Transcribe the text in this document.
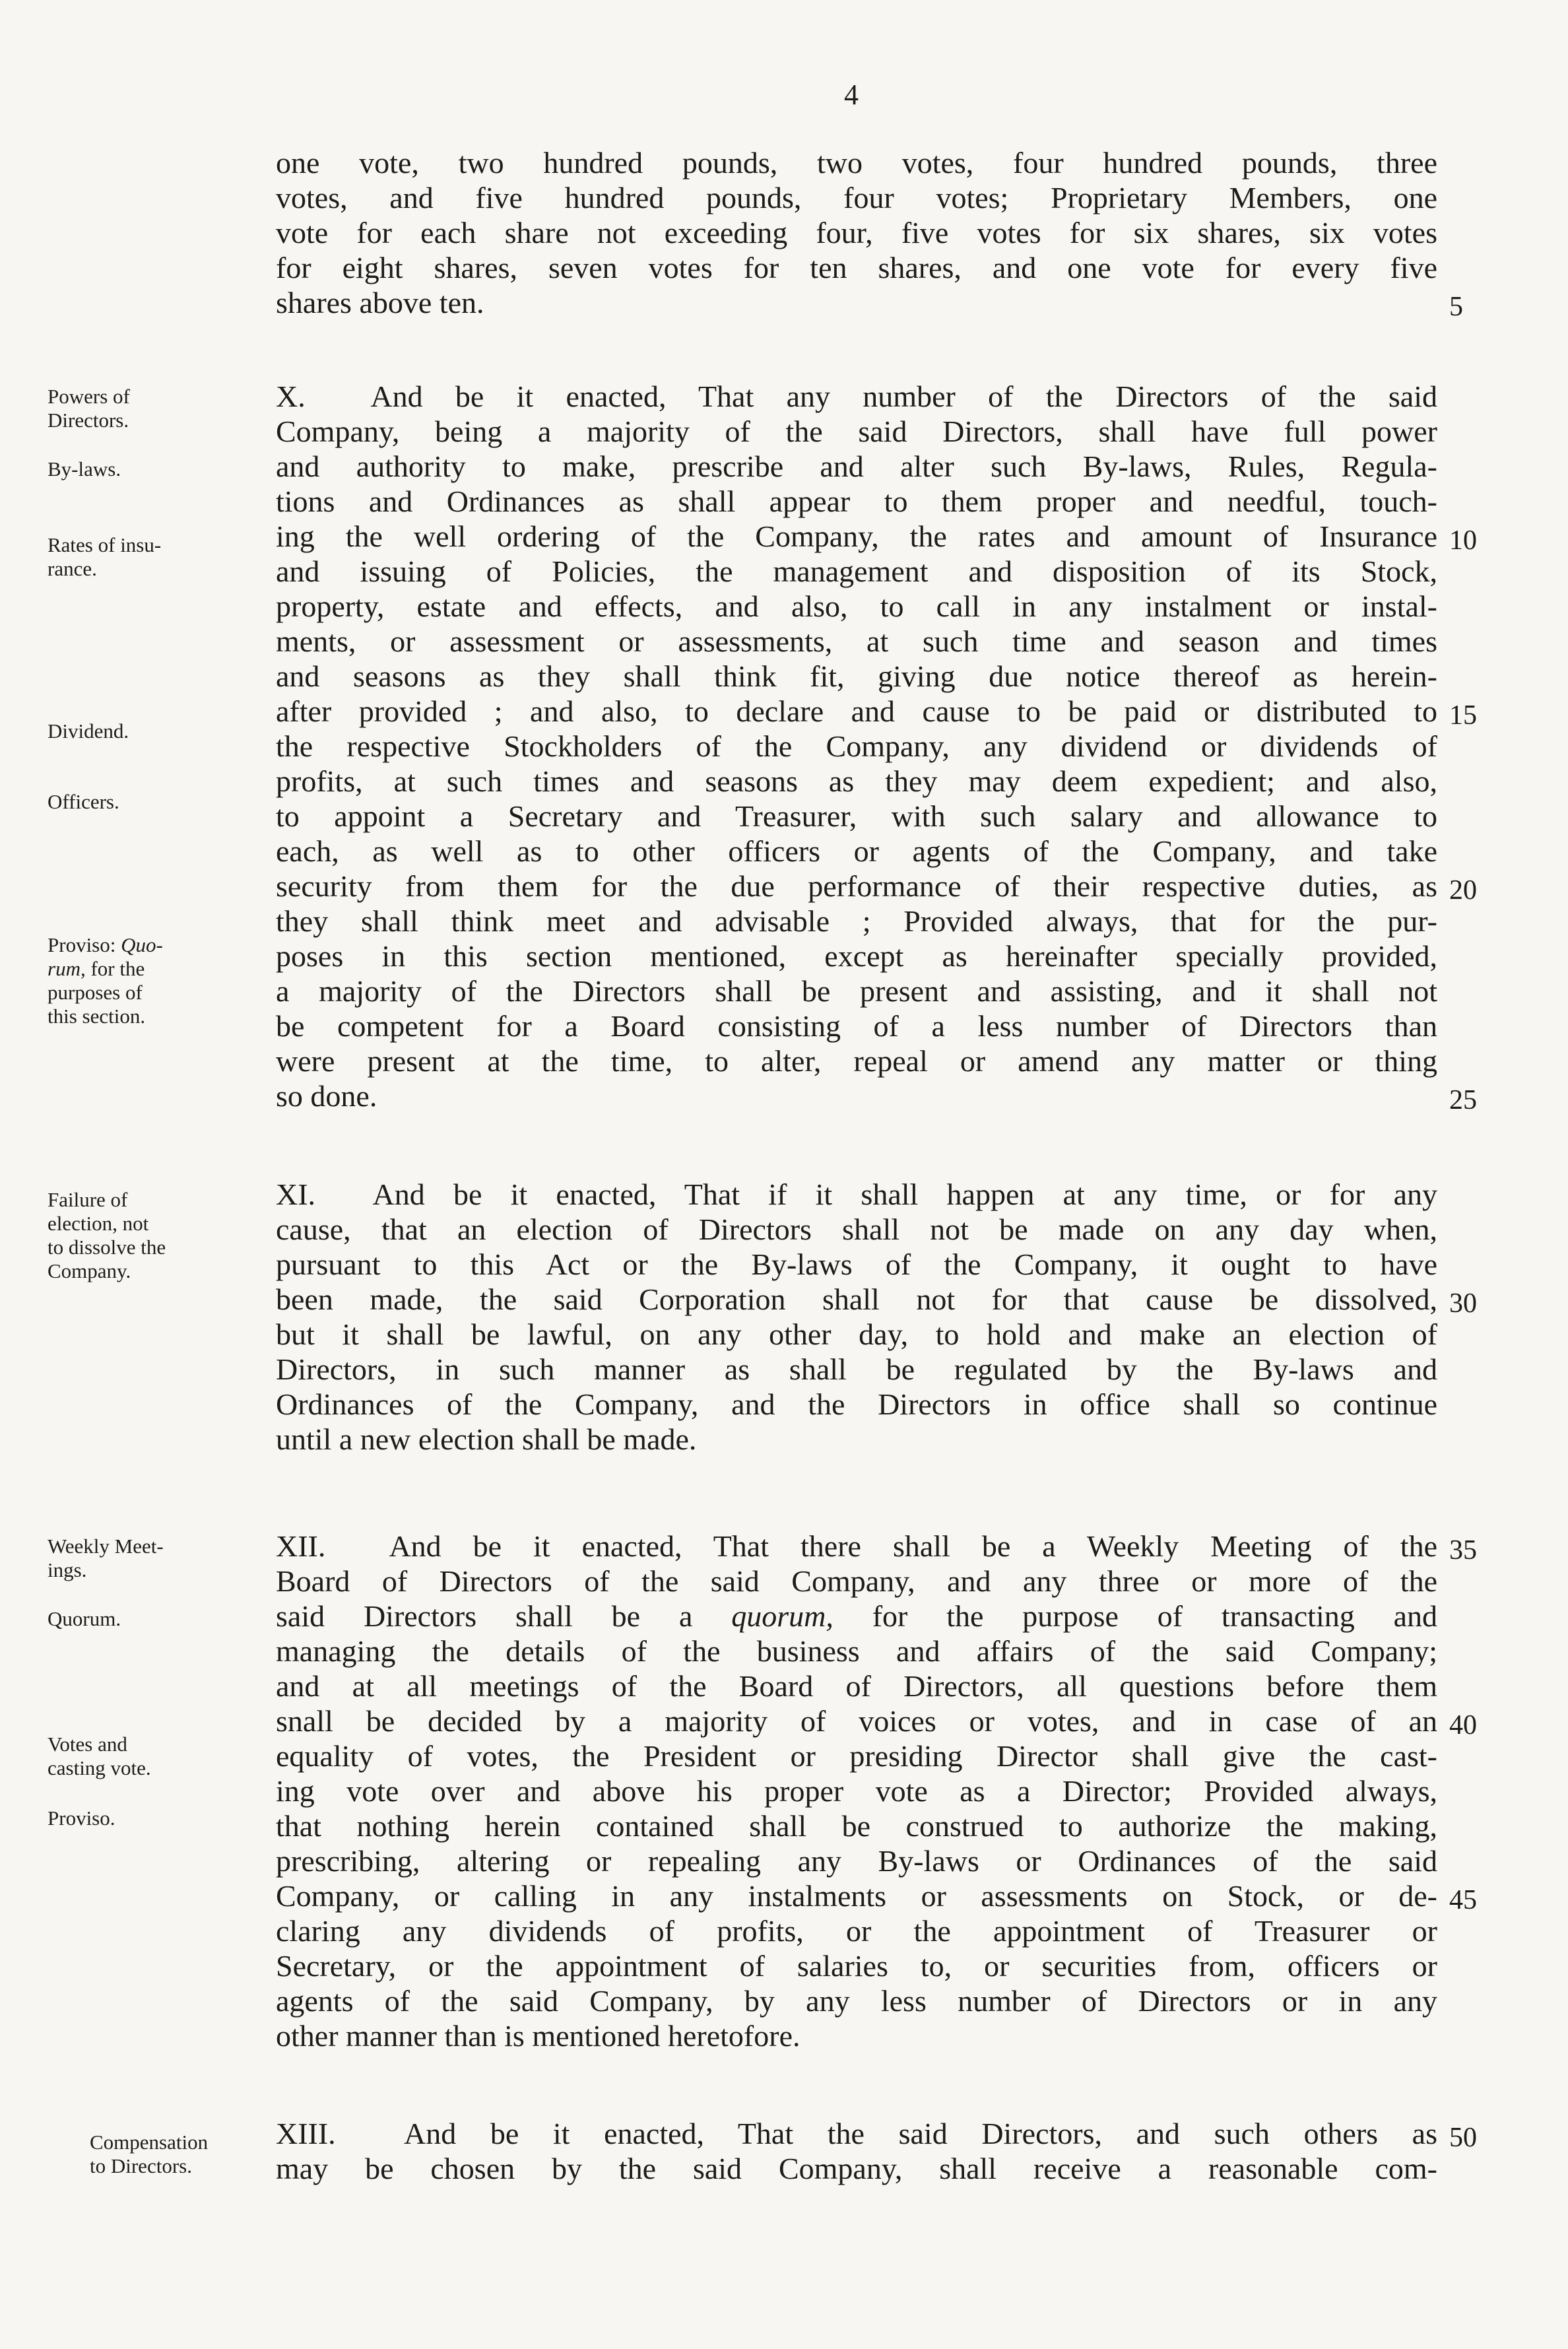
4
one vote, two hundred pounds, two votes, four hundred pounds, three
votes, and five hundred pounds, four votes; Proprietary Members, one
vote for each share not exceeding four, five votes for six shares, six votes
for eight shares, seven votes for ten shares, and one vote for every five
shares above ten.	5
Powers of
Directors.
By-laws.
Rates of insu-
rance.
Dividend.
Officers.
Proviso: Quo-
rum, for the
purposes of
this section.
X. And be it enacted, That any number of the Directors of the said
Company, being a majority of the said Directors, shall have full power
and authority to make, prescribe and alter such By-laws, Rules, Regula-
tions and Ordinances as shall appear to them proper and needful, touch-
ing the well ordering of the Company, the rates and amount of Insurance 10
and issuing of Policies, the management and disposition of its Stock,
property, estate and effects, and also, to call in any instalment or instal-
ments, or assessment or assessments, at such time and season and times
and seasons as they shall think fit, giving due notice thereof as herein-
after provided ; and also, to declare and cause to be paid or distributed to 15
the respective Stockholders of the Company, any dividend or dividends of
profits, at such times and seasons as they may deem expedient; and also,
to appoint a Secretary and Treasurer, with such salary and allowance to
each, as well as to other officers or agents of the Company, and take
security from them for the due performance of their respective duties, as 20
they shall think meet and advisable ; Provided always, that for the pur-
poses in this section mentioned, except as hereinafter specially provided,
a majority of the Directors shall be present and assisting, and it shall not
be competent for a Board consisting of a less number of Directors than
were present at the time, to alter, repeal or amend any matter or thing
so done.	25
Failure of
election, not
to dissolve the
Company.
XI. And be it enacted, That if it shall happen at any time, or for any
cause, that an election of Directors shall not be made on any day when,
pursuant to this Act or the By-laws of the Company, it ought to have
been made, the said Corporation shall not for that cause be dissolved, 30
but it shall be lawful, on any other day, to hold and make an election of
Directors, in such manner as shall be regulated by the By-laws and
Ordinances of the Company, and the Directors in office shall so continue
until a new election shall be made.
Weekly Meet-
ings.
Quorum.
Votes and
casting vote.
Proviso.
XII. And be it enacted, That there shall be a Weekly Meeting of the 35
Board of Directors of the said Company, and any three or more of the
said Directors shall be a quorum, for the purpose of transacting and
managing the details of the business and affairs of the said Company;
and at all meetings of the Board of Directors, all questions before them
snall be decided by a majority of voices or votes, and in case of an 40
equality of votes, the President or presiding Director shall give the cast-
ing vote over and above his proper vote as a Director; Provided always,
that nothing herein contained shall be construed to authorize the making,
prescribing, altering or repealing any By-laws or Ordinances of the said
Company, or calling in any instalments or assessments on Stock, or de- 45
claring any dividends of profits, or the appointment of Treasurer or
Secretary, or the appointment of salaries to, or securities from, officers or
agents of the said Company, by any less number of Directors or in any
other manner than is mentioned heretofore.
Compensation
to Directors.
XIII. And be it enacted, That the said Directors, and such others as 50
may be chosen by the said Company, shall receive a reasonable com-
